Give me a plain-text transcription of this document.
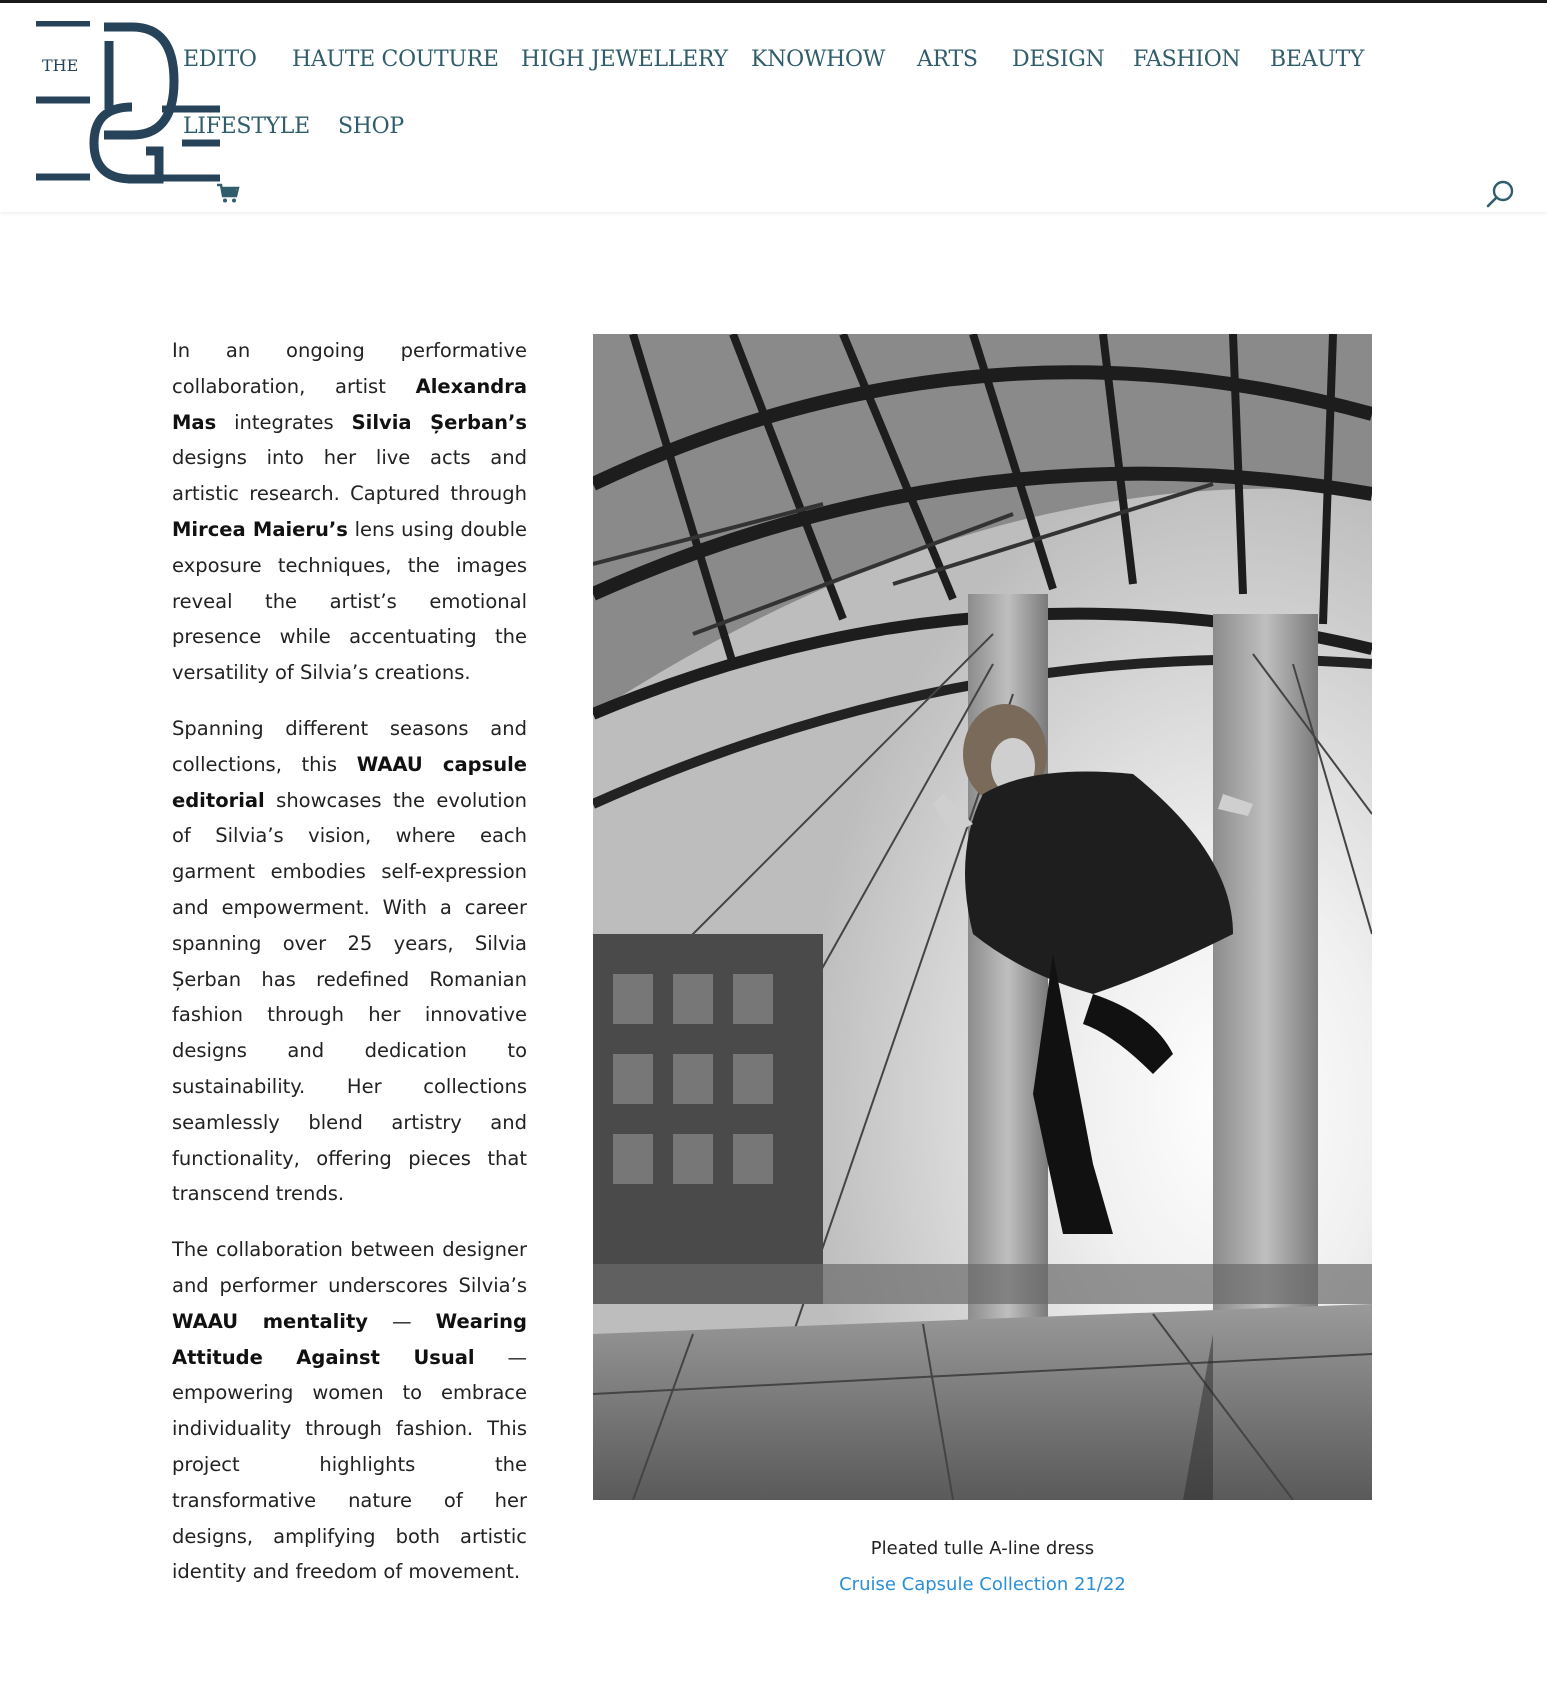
THE	EDITO HAUTE COUTURE HIGH JEWELLERY KNOWHOW ARTS DESIGN FASHION BEAUTY
LIFESTYLE SHOP

In an ongoing performative collaboration, artist Alexandra Mas integrates Silvia Șerban’s designs into her live acts and artistic research. Captured through Mircea Maieru’s lens using double exposure techniques, the images reveal the artist’s emotional presence while accentuating the versatility of Silvia’s creations.

Spanning different seasons and collections, this WAAU capsule editorial showcases the evolution of Silvia’s vision, where each garment embodies self-expression and empowerment. With a career spanning over 25 years, Silvia Șerban has redefined Romanian fashion through her innovative designs and dedication to sustainability. Her collections seamlessly blend artistry and functionality, offering pieces that transcend trends.

The collaboration between designer and performer underscores Silvia’s WAAU mentality — Wearing Attitude Against Usual — empowering women to embrace individuality through fashion. This project highlights the transformative nature of her designs, amplifying both artistic identity and freedom of movement.

Pleated tulle A-line dress
Cruise Capsule Collection 21/22
